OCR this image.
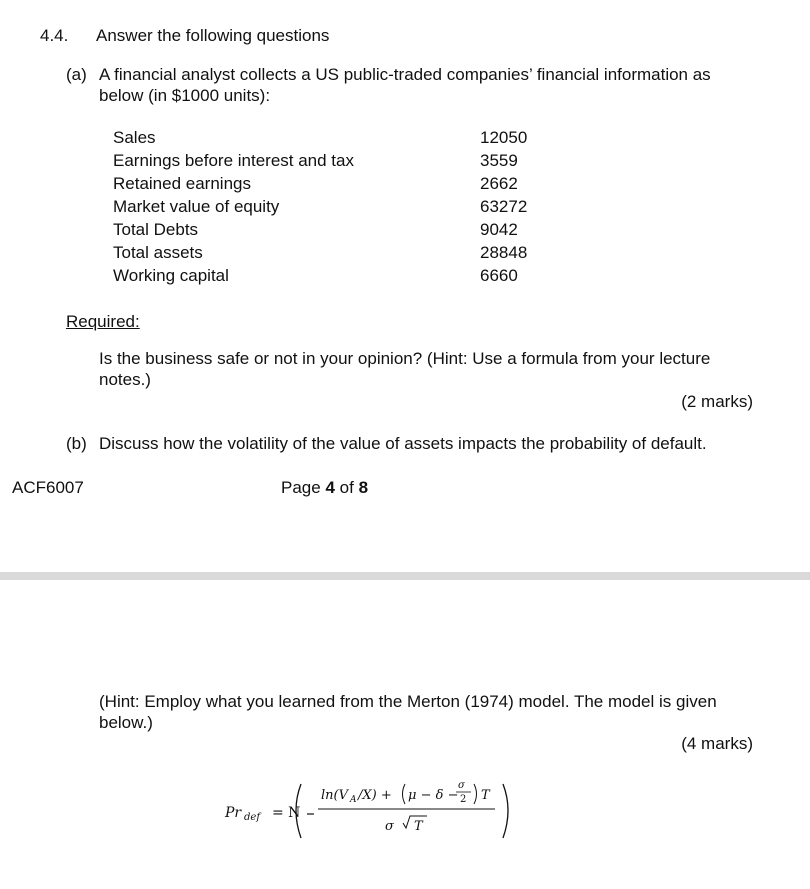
4.4. Answer the following questions
(a) A financial analyst collects a US public-traded companies’ financial information as
below (in $1000 units):
Sales	12050
Earnings before interest and tax	3559
Retained earnings	2662
Market value of equity	63272
Total Debts	9042
Total assets	28848
Working capital	6660
Required:
Is the business safe or not in your opinion? (Hint: Use a formula from your lecture
notes.)
(2 marks)
(b) Discuss how the volatility of the value of assets impacts the probability of default.
ACF6007	Page 4 of 8
(Hint: Employ what you learned from the Merton (1974) model. The model is given
below.)
(4 marks)
Pr def = N
ln(V A /X) + μ − δ −
σ
2 T
σ T
